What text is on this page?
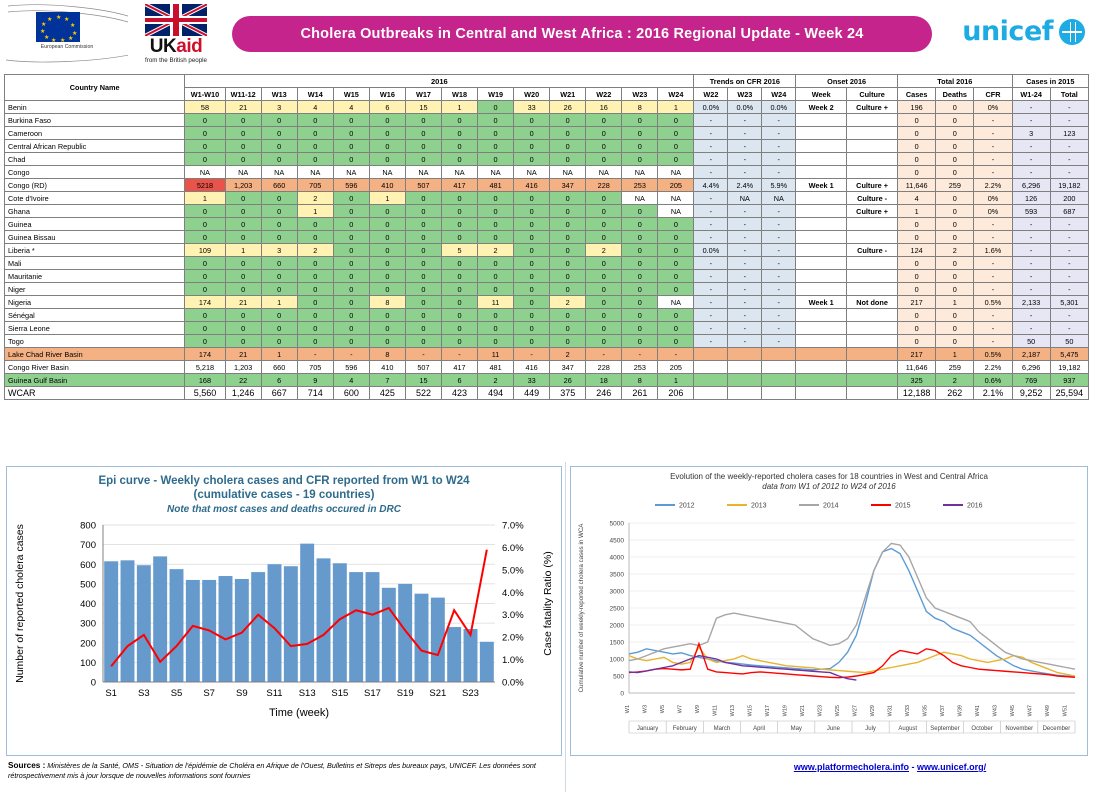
★ ★
★
★
★
★
★
★
★
★
★
European Commission	UKaid
from the British people
Cholera Outbreaks in Central and West Africa : 2016 Regional Update - Week 24	unicef
Country Name	2016														Trends on CFR 2016			Onset 2016		Total 2016			Cases in 2015	
	W1-W10	W11-12	W13	W14	W15	W16	W17	W18	W19	W20	W21	W22	W23	W24	W22	W23	W24	Week	Culture	Cases	Deaths	CFR	W1-24	Total
Benin	58	21	3	4	4	6	15	1	0	33	26	16	8	1	0.0%	0.0%	0.0%	Week 2	Culture +	196	0	0%	-	-
Burkina Faso	0	0	0	0	0	0	0	0	0	0	0	0	0	0	-	-	-			0	0	-	-	-
Cameroon	0	0	0	0	0	0	0	0	0	0	0	0	0	0	-	-	-			0	0	-	3	123
Central African Republic	0	0	0	0	0	0	0	0	0	0	0	0	0	0	-	-	-			0	0	-	-	-
Chad	0	0	0	0	0	0	0	0	0	0	0	0	0	0	-	-	-			0	0	-	-	-
Congo	NA	NA	NA	NA	NA	NA	NA	NA	NA	NA	NA	NA	NA	NA	-	-	-			0	0	-	-	-
Congo (RD)	5218	1,203	660	705	596	410	507	417	481	416	347	228	253	205	4.4%	2.4%	5.9%	Week 1	Culture +	11,646	259	2.2%	6,296	19,182
Cote d'Ivoire	1	0	0	2	0	1	0	0	0	0	0	0	NA	NA	-	NA	NA		Culture -	4	0	0%	126	200
Ghana	0	0	0	1	0	0	0	0	0	0	0	0	0	NA	-	-	-		Culture +	1	0	0%	593	687
Guinea	0	0	0	0	0	0	0	0	0	0	0	0	0	0	-	-	-			0	0	-	-	-
Guinea Bissau	0	0	0	0	0	0	0	0	0	0	0	0	0	0	-	-	-			0	0	-	-	-
Liberia *	109	1	3	2	0	0	0	5	2	0	0	2	0	0	0.0%	-	-		Culture -	124	2	1.6%	-	-
Mali	0	0	0	0	0	0	0	0	0	0	0	0	0	0	-	-	-			0	0	-	-	-
Mauritanie	0	0	0	0	0	0	0	0	0	0	0	0	0	0	-	-	-			0	0	-	-	-
Niger	0	0	0	0	0	0	0	0	0	0	0	0	0	0	-	-	-			0	0	-	-	-
Nigeria	174	21	1	0	0	8	0	0	11	0	2	0	0	NA	-	-	-	Week 1	Not done	217	1	0.5%	2,133	5,301
Sénégal	0	0	0	0	0	0	0	0	0	0	0	0	0	0	-	-	-			0	0	-	-	-
Sierra Leone	0	0	0	0	0	0	0	0	0	0	0	0	0	0	-	-	-			0	0	-	-	-
Togo	0	0	0	0	0	0	0	0	0	0	0	0	0	0	-	-	-			0	0	-	50	50
Lake Chad River Basin	174	21	1	-	-	8	-	-	11	-	2	-	-	-						217	1	0.5%	2,187	5,475
Congo River Basin	5,218	1,203	660	705	596	410	507	417	481	416	347	228	253	205						11,646	259	2.2%	6,296	19,182
Guinea Gulf Basin	168	22	6	9	4	7	15	6	2	33	26	18	8	1						325	2	0.6%	769	937
WCAR	5,560	1,246	667	714	600	425	522	423	494	449	375	246	261	206						12,188	262	2.1%	9,252	25,594
Epi curve - Weekly cholera cases and CFR reported from W1 to W24
(cumulative cases - 19 countries)
Note that most cases and deaths occured in DRC
0
100
200
300
400
500
600
700
800
0.0%
1.0%
2.0%
3.0%
4.0%
5.0%
6.0%
7.0%
S1 S3 S5 S7 S9 S11 S13 S15 S17 S19 S21 S23
Time (week)
Number of reported cholera cases	Case fatality Ratio (%)
Evolution of the weekly-reported cholera cases for 18 countries in West and Central Africa
data from W1 of 2012 to W24 of 2016
2012	2013	2014	2015	2016
0
500
1000
1500
2000
2500
3000
3500
4000
4500
5000
W1 W3 W5 W7 W9 W11 W13 W15 W17 W19 W21 W23 W25 W27 W29 W31 W33 W35 W37 W39 W41 W43 W45 W47 W49 W51
January February	March	April	May	June	July	August September October November December
Cumulative number of weekly-reported cholera cases in WCA
Sources : Ministères de la Santé, OMS - Situation de l'épidémie de Choléra en Afrique de l'Ouest, Bulletins et Sitreps des bureaux pays, UNICEF. Les données sont rétrospectivement mis à jour lorsque de nouvelles informations sont fournies
www.platformecholera.info - www.unicef.org/
